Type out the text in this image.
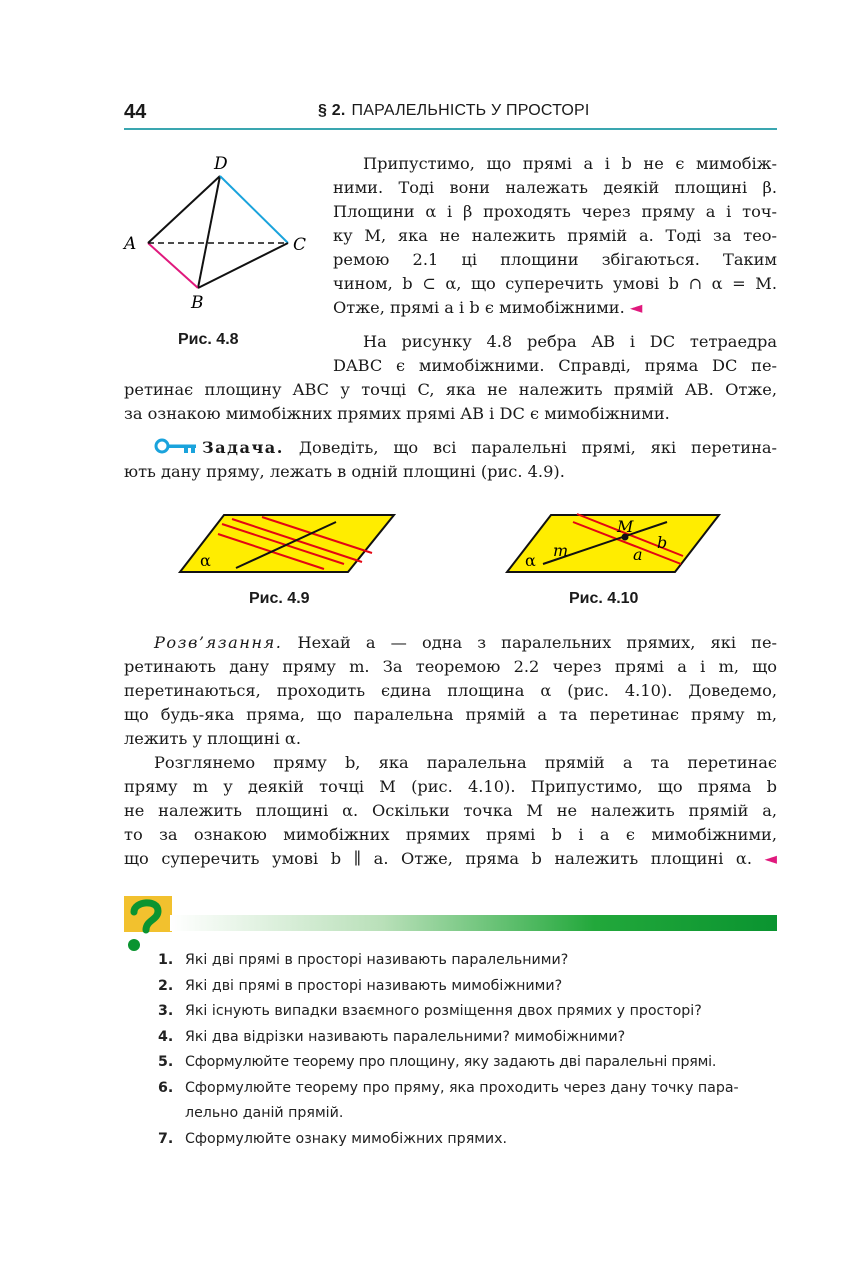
44	§ 2. ПАРАЛЕЛЬНІСТЬ У ПРОСТОРІ
D
A	C
B
Рис. 4.8
Припустимо, що прямі a і b не є мимобіж-
ними. Тоді вони належать деякій площині β.
Площини α і β проходять через пряму a і точ-
ку M, яка не належить прямій a. Тоді за тео-
ремою 2.1 ці площини збігаються. Таким
чином, b ⊂ α, що суперечить умові b ∩ α = M.
Отже, прямі a і b є мимобіжними. ◄
На рисунку 4.8 ребра AB і DC тетраедра
DABC є мимобіжними. Справді, пряма DC пе-
ретинає площину ABC у точці C, яка не належить прямій AB. Отже,
за ознакою мимобіжних прямих прямі AB і DC є мимобіжними.
Задача. Доведіть, що всі паралельні прямі, які перетина-
ють дану пряму, лежать в одній площині (рис. 4.9).
α
Рис. 4.9
M
b
a
m
α
Рис. 4.10
Розв’язання. Нехай a — одна з паралельних прямих, які пе-
ретинають дану пряму m. За теоремою 2.2 через прямі a і m, що
перетинаються, проходить єдина площина α (рис. 4.10). Доведемо,
що будь-яка пряма, що паралельна прямій a та перетинає пряму m,
лежить у площині α.
Розглянемо пряму b, яка паралельна прямій a та перетинає
пряму m у деякій точці M (рис. 4.10). Припустимо, що пряма b
не належить площині α. Оскільки точка M не належить прямій a,
то за ознакою мимобіжних прямих прямі b і a є мимобіжними,
що суперечить умові b ∥ a. Отже, пряма b належить площині α. ◄
1. Які дві прямі в просторі називають паралельними?
2. Які дві прямі в просторі називають мимобіжними?
3. Які існують випадки взаємного розміщення двох прямих у просторі?
4. Які два відрізки називають паралельними? мимобіжними?
5. Сформулюйте теорему про площину, яку задають дві паралельні прямі.
6. Сформулюйте теорему про пряму, яка проходить через дану точку пара-лельно даній прямій.
7. Сформулюйте ознаку мимобіжних прямих.
